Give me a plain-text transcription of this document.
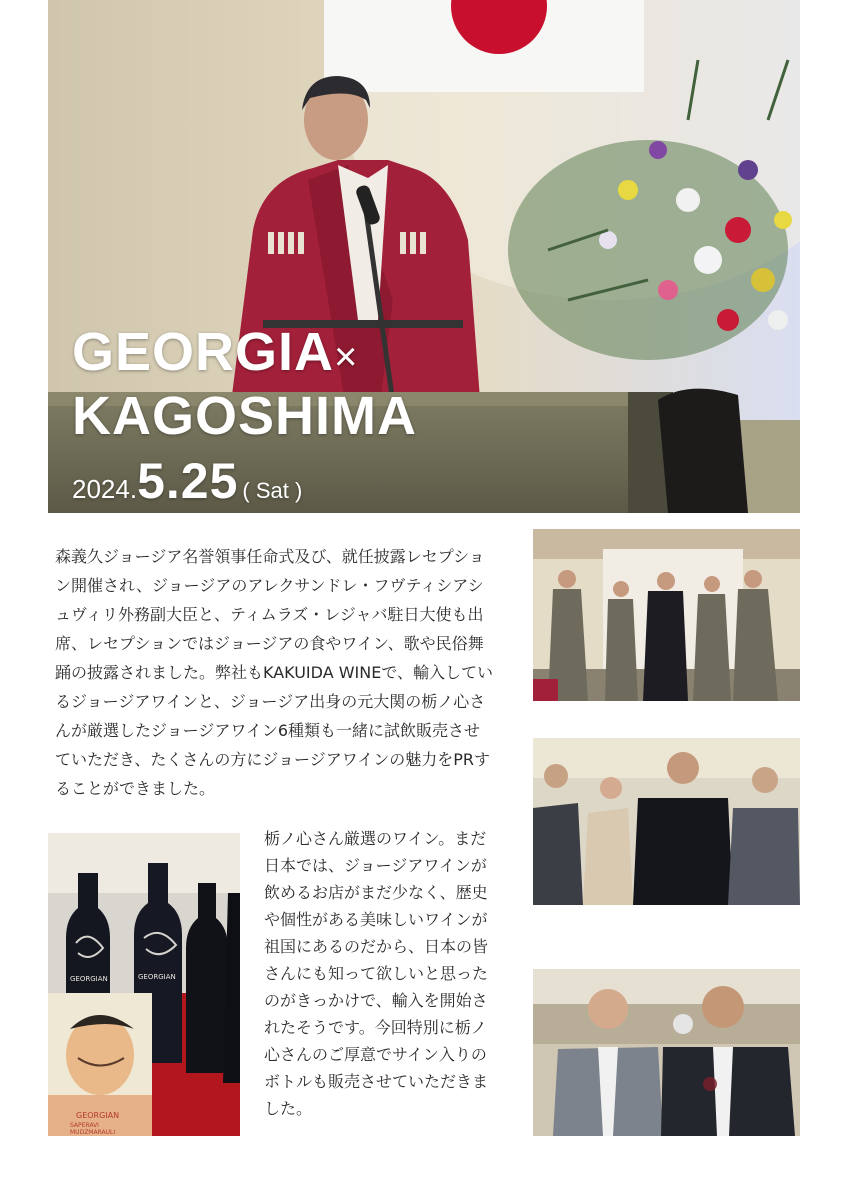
GEORGIA×
KAGOSHIMA
2024.5.25 ( Sat )

森義久ジョージア名誉領事任命式及び、就任披露レセプション開催され、ジョージアのアレクサンドレ・フヴティシアシュヴィリ外務副大臣と、ティムラズ・レジャバ駐日大使も出席、レセプションではジョージアの食やワイン、歌や民俗舞踊の披露されました。弊社もKAKUIDA WINEで、輸入しているジョージアワインと、ジョージア出身の元大関の栃ノ心さんが厳選したジョージアワイン6種類も一緒に試飲販売させていただき、たくさんの方にジョージアワインの魅力をPRすることができました。

GEORGIAN	GEORGIAN
GEORGIAN
SAPERAVI
MUDZMARAULI

栃ノ心さん厳選のワイン。まだ日本では、ジョージアワインが飲めるお店がまだ少なく、歴史や個性がある美味しいワインが祖国にあるのだから、日本の皆さんにも知って欲しいと思ったのがきっかけで、輸入を開始されたそうです。今回特別に栃ノ心さんのご厚意でサイン入りのボトルも販売させていただきました。
